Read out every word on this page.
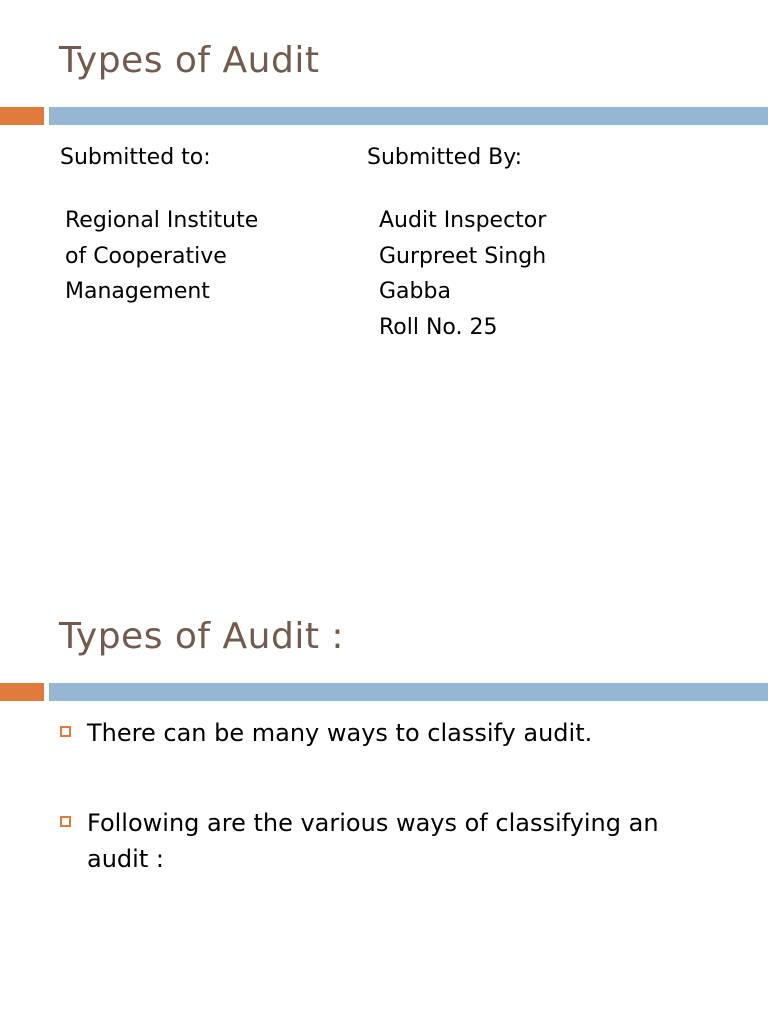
Types of Audit
Submitted to:	Submitted By:
Regional Institute
of Cooperative
Management
Audit Inspector
Gurpreet Singh
Gabba
Roll No. 25
Types of Audit :
There can be many ways to classify audit.
Following are the various ways of classifying an audit :
